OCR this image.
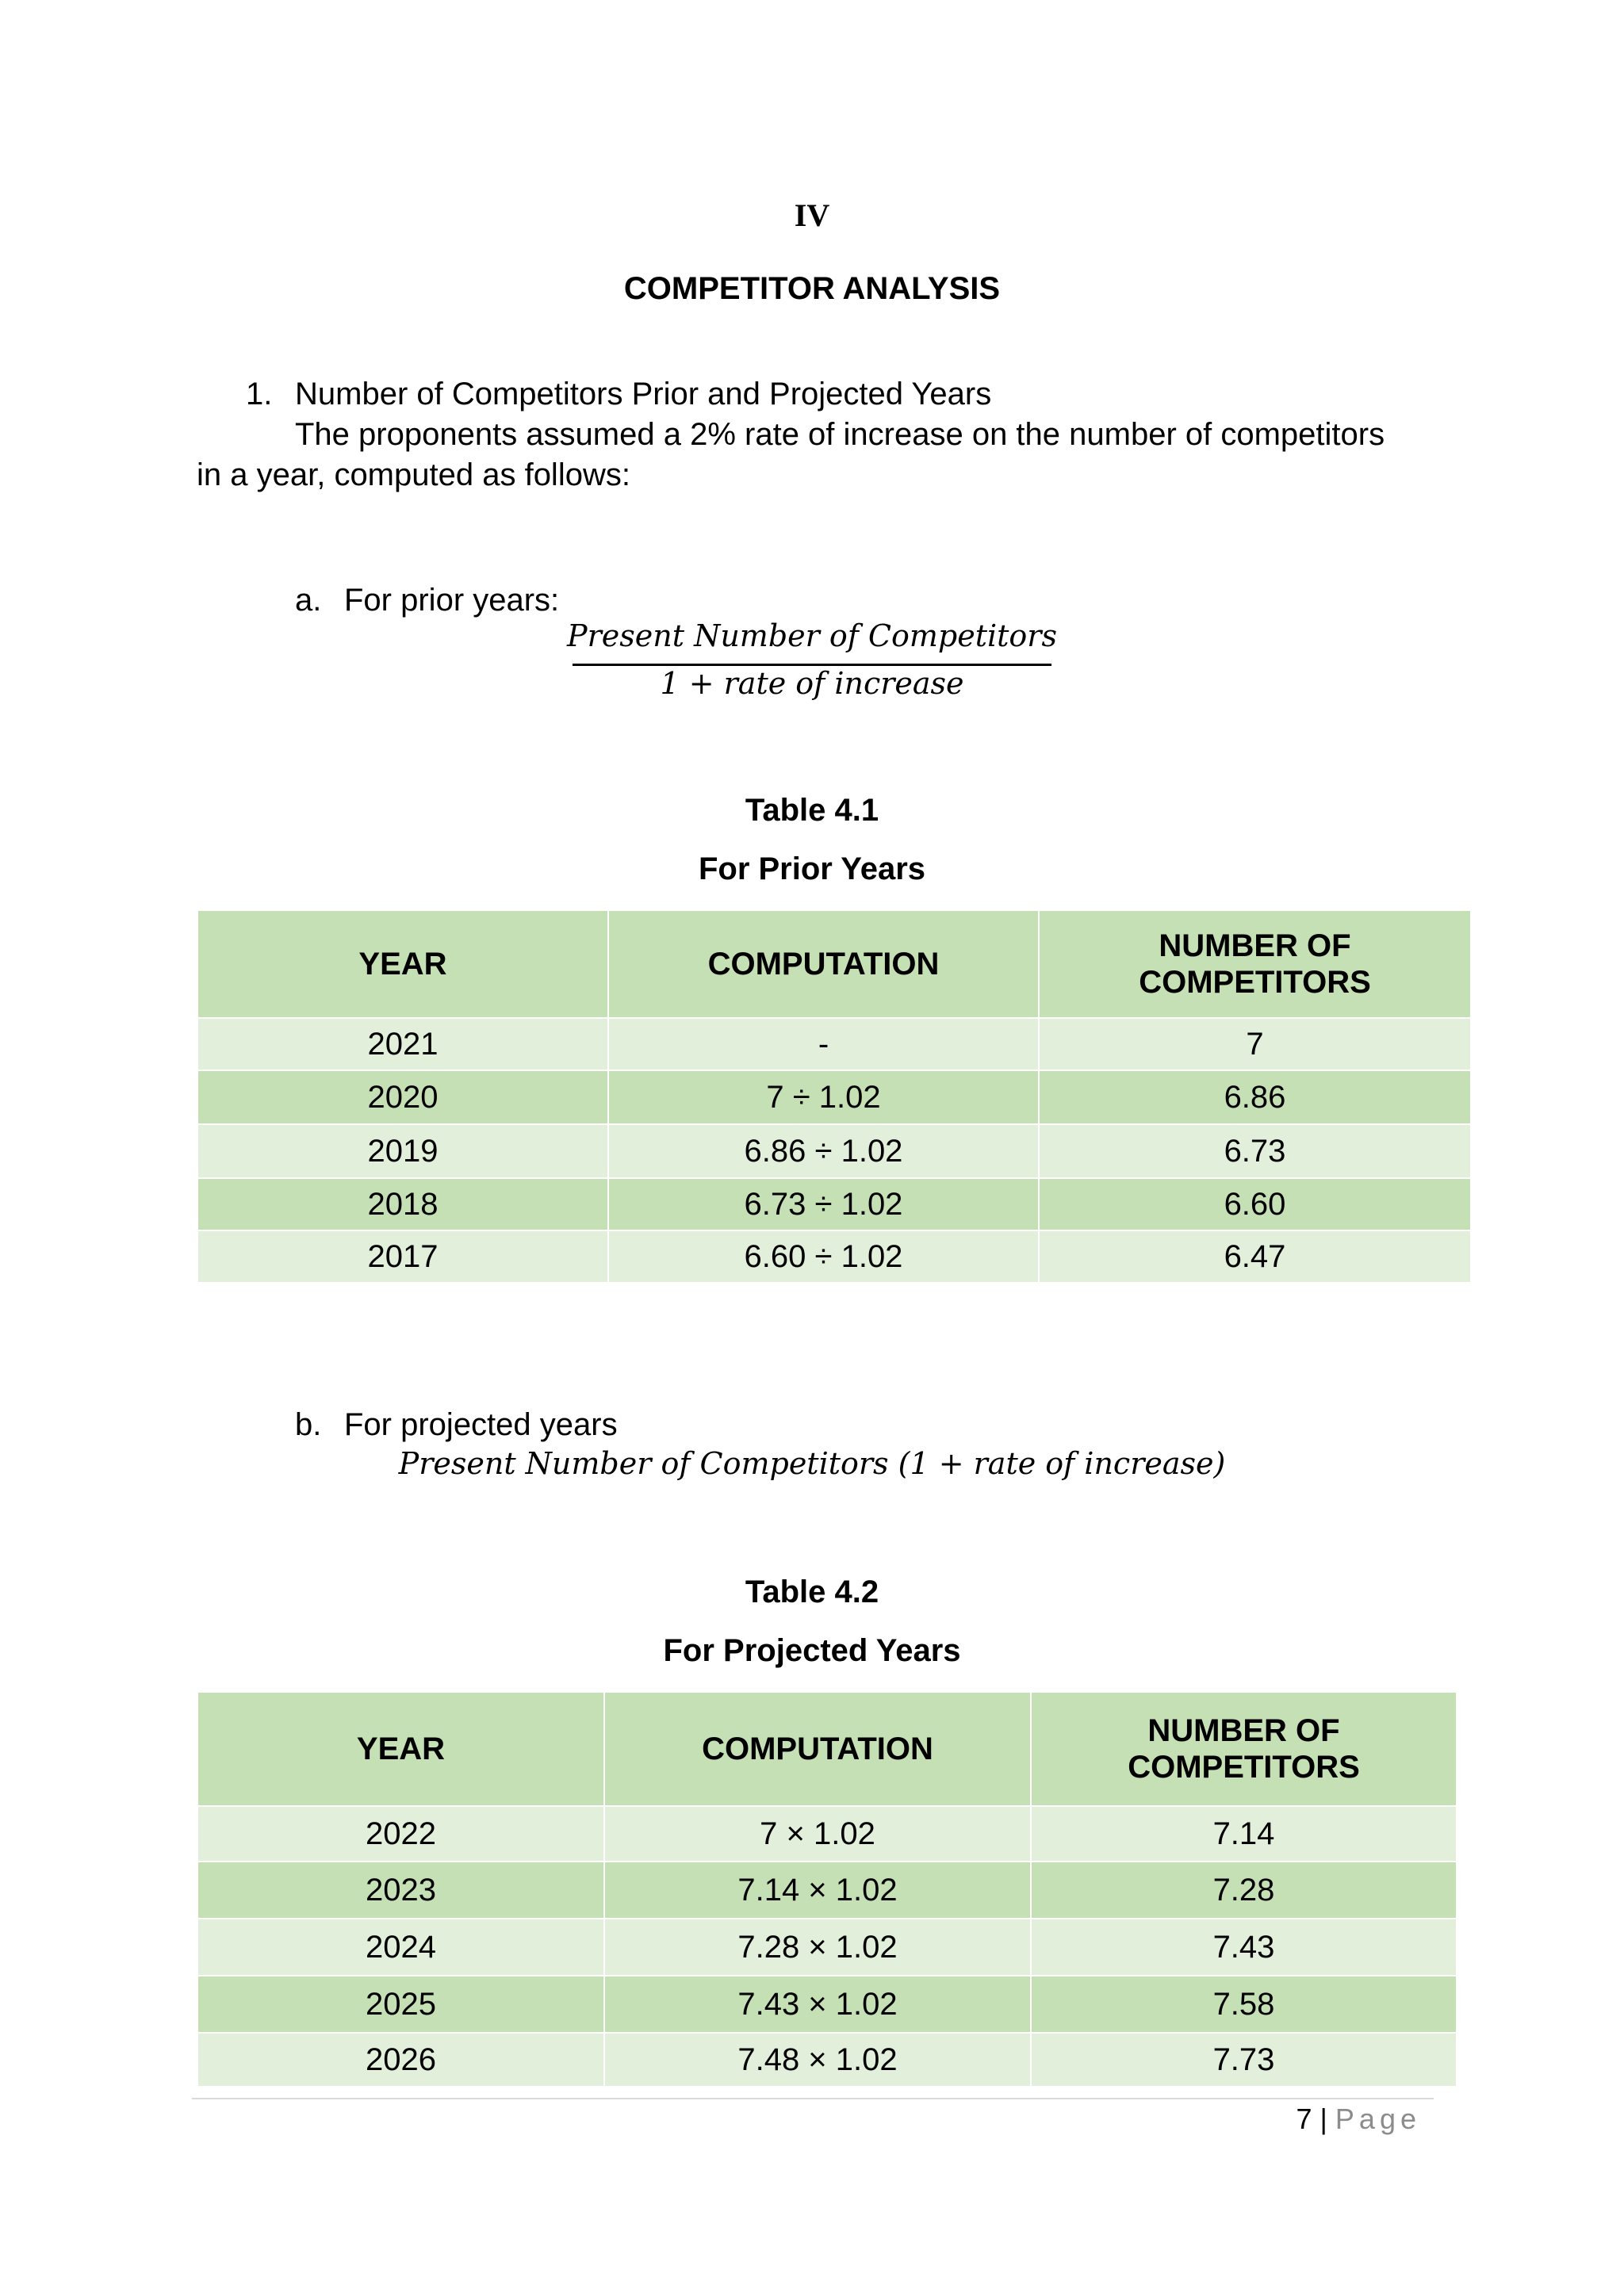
IV
COMPETITOR ANALYSIS
1. Number of Competitors Prior and Projected Years
The proponents assumed a 2% rate of increase on the number of competitors
in a year, computed as follows:
a. For prior years:
Present Number of Competitors
1 + rate of increase
Table 4.1
For Prior Years
YEAR	COMPUTATION	NUMBER OF COMPETITORS
2021	-	7
2020	7 ÷ 1.02	6.86
2019	6.86 ÷ 1.02	6.73
2018	6.73 ÷ 1.02	6.60
2017	6.60 ÷ 1.02	6.47
b. For projected years
Present Number of Competitors (1 + rate of increase)
Table 4.2
For Projected Years
YEAR	COMPUTATION	NUMBER OF COMPETITORS
2022	7 × 1.02	7.14
2023	7.14 × 1.02	7.28
2024	7.28 × 1.02	7.43
2025	7.43 × 1.02	7.58
2026	7.48 × 1.02	7.73
7 | Page
